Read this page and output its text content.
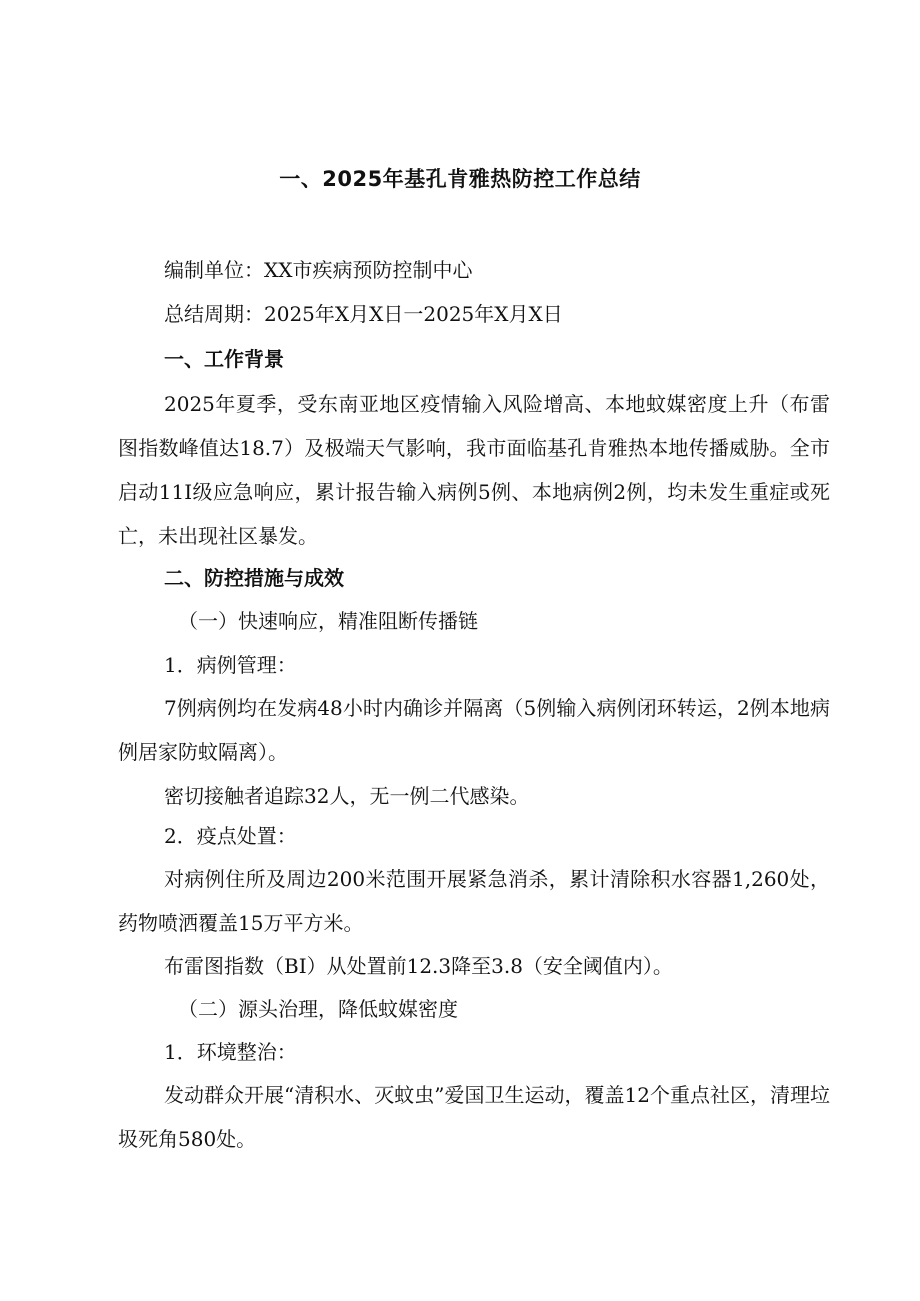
一、2025年基孔肯雅热防控工作总结
编制单位：XX市疾病预防控制中心
总结周期：2025年X月X日一2025年X月X日
一、工作背景
2025年夏季，受东南亚地区疫情输入风险增高、本地蚊媒密度上升（布雷图指数峰值达18.7）及极端天气影响，我市面临基孔肯雅热本地传播威胁。全市启动11I级应急响应，累计报告输入病例5例、本地病例2例，均未发生重症或死亡，未出现社区暴发。
二、防控措施与成效
（一）快速响应，精准阻断传播链
1．病例管理：
7例病例均在发病48小时内确诊并隔离（5例输入病例闭环转运，2例本地病例居家防蚊隔离）。
密切接触者追踪32人，无一例二代感染。
2．疫点处置：
对病例住所及周边200米范围开展紧急消杀，累计清除积水容器1,260处，药物喷洒覆盖15万平方米。
布雷图指数（BI）从处置前12.3降至3.8（安全阈值内）。
（二）源头治理，降低蚊媒密度
1．环境整治：
发动群众开展“清积水、灭蚊虫”爱国卫生运动，覆盖12个重点社区，清理垃圾死角580处。
